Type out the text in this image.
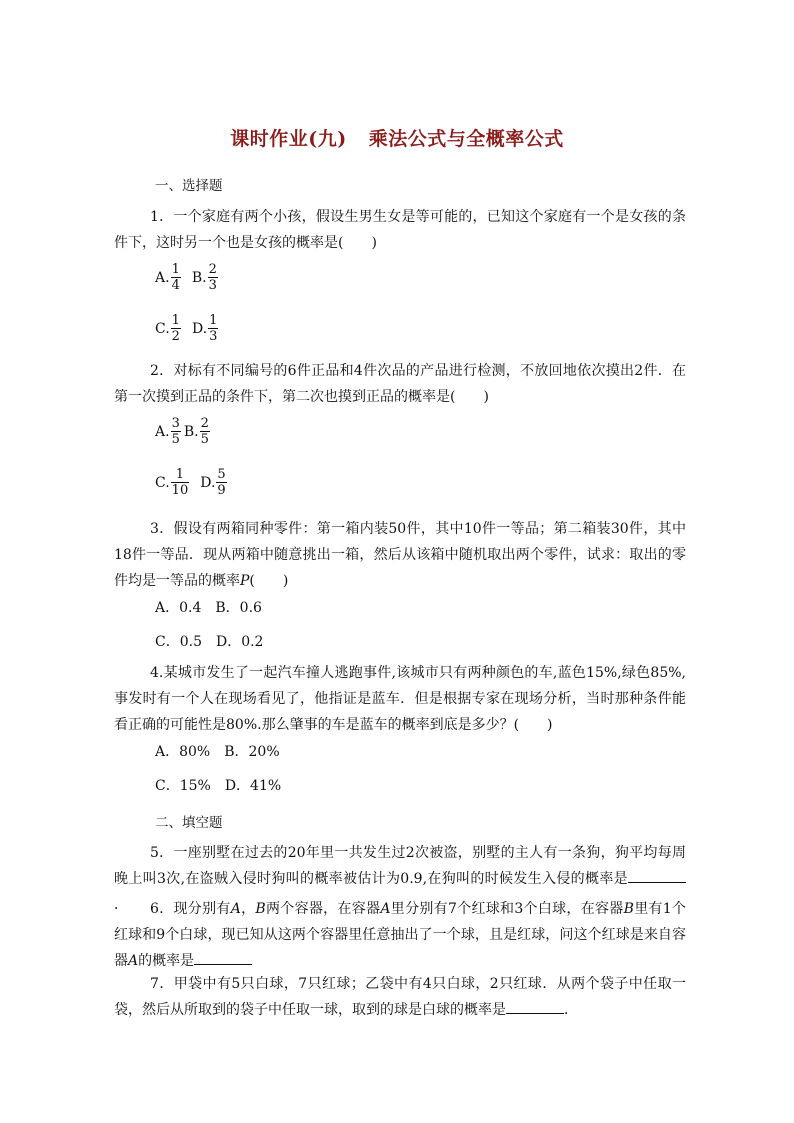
课时作业(九) 乘法公式与全概率公式
一、选择题
1．一个家庭有两个小孩，假设生男生女是等可能的，已知这个家庭有一个是女孩的条件下，这时另一个也是女孩的概率是(　　)
A. $\frac{1}{4} B$. $\frac{2}{3}$
C. $\frac{1}{2} D$. $\frac{1}{3}$
2．对标有不同编号的6件正品和4件次品的产品进行检测，不放回地依次摸出2件．在第一次摸到正品的条件下，第二次也摸到正品的概率是(　　)
A. $\frac{3}{5} B$. $\frac{2}{5}$
C. $\frac{1}{10} D$. $\frac{5}{9}$
3．假设有两箱同种零件：第一箱内装50件，其中10件一等品；第二箱装30件，其中18件一等品．现从两箱中随意挑出一箱，然后从该箱中随机取出两个零件，试求：取出的零件均是一等品的概率P(　　)
A．0.4　B．0.6
C．0.5　D．0.2
4.某城市发生了一起汽车撞人逃跑事件,该城市只有两种颜色的车,蓝色15%,绿色85%,事发时有一个人在现场看见了，他指证是蓝车．但是根据专家在现场分析，当时那种条件能看正确的可能性是80%.那么肇事的车是蓝车的概率到底是多少？(　　)
A．80%　B．20%
C．15%　D．41%
二、填空题
5．一座别墅在过去的20年里一共发生过2次被盗，别墅的主人有一条狗，狗平均每周晚上叫3次,在盗贼入侵时狗叫的概率被估计为0.9,在狗叫的时候发生入侵的概率是．	6．现分别有A，B两个容器，在容器A里分别有7个红球和3个白球，在容器B里有1个红球和9个白球，现已知从这两个容器里任意抽出了一个球，且是红球，问这个红球是来自容器A的概率是
7．甲袋中有5只白球，7只红球；乙袋中有4只白球，2只红球．从两个袋子中任取一袋，然后从所取到的袋子中任取一球，取到的球是白球的概率是	．
